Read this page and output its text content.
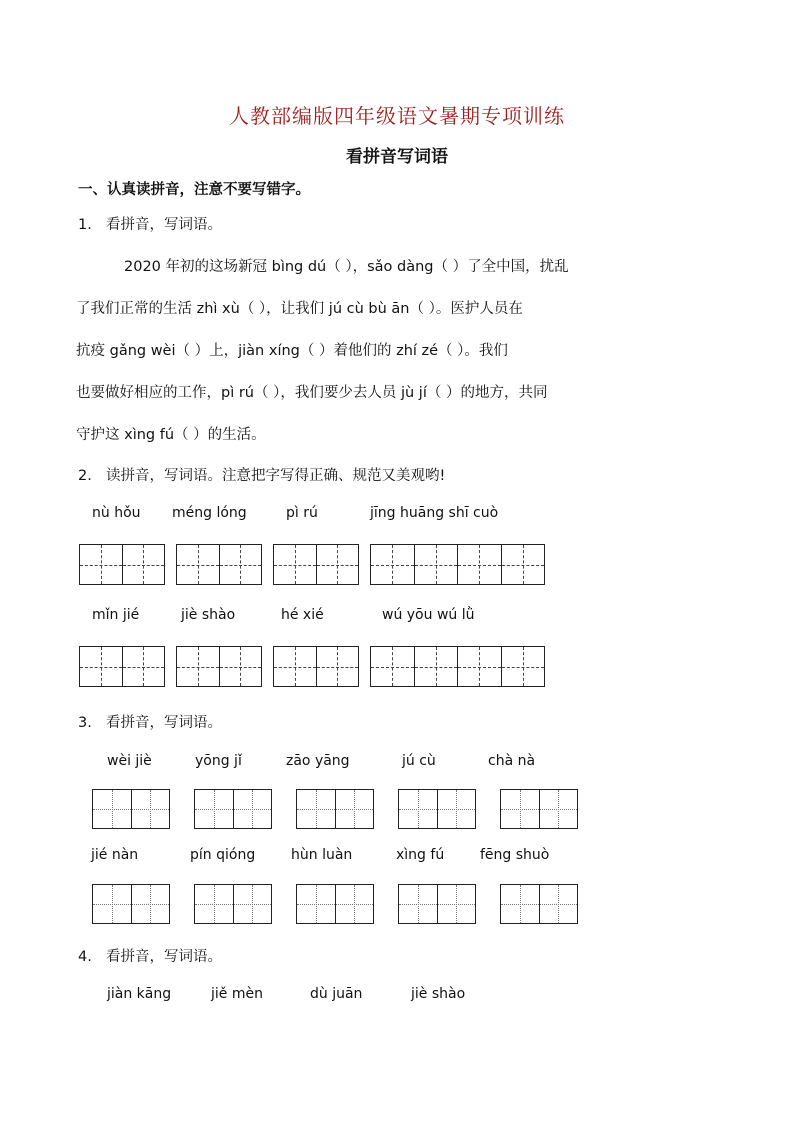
人教部编版四年级语文暑期专项训练
看拼音写词语
一、认真读拼音，注意不要写错字。
1. 看拼音，写词语。
2020 年初的这场新冠 bìng dú（ ），sǎo dàng（ ）了全中国，扰乱
了我们正常的生活 zhì xù（ ），让我们 jú cù bù ān（ ）。医护人员在
抗疫 gǎng wèi（ ）上，jiàn xíng（ ）着他们的 zhí zé（ ）。我们
也要做好相应的工作，pì rú（ ），我们要少去人员 jù jí（ ）的地方，共同
守护这 xìng fú（ ）的生活。
2. 读拼音，写词语。注意把字写得正确、规范又美观哟!
nù hǒu méng lóng	pì rú	jīng huāng shī cuò
mǐn jié	jiè shào	hé xié	wú yōu wú lǜ
3. 看拼音，写词语。
wèi jiè	yōng jǐ	zāo yāng	jú cù	chà nà
jié nàn	pín qióng	hùn luàn	xìng fú	fēng shuò
4. 看拼音，写词语。
jiàn kāng	jiě mèn	dù juān	jiè shào
